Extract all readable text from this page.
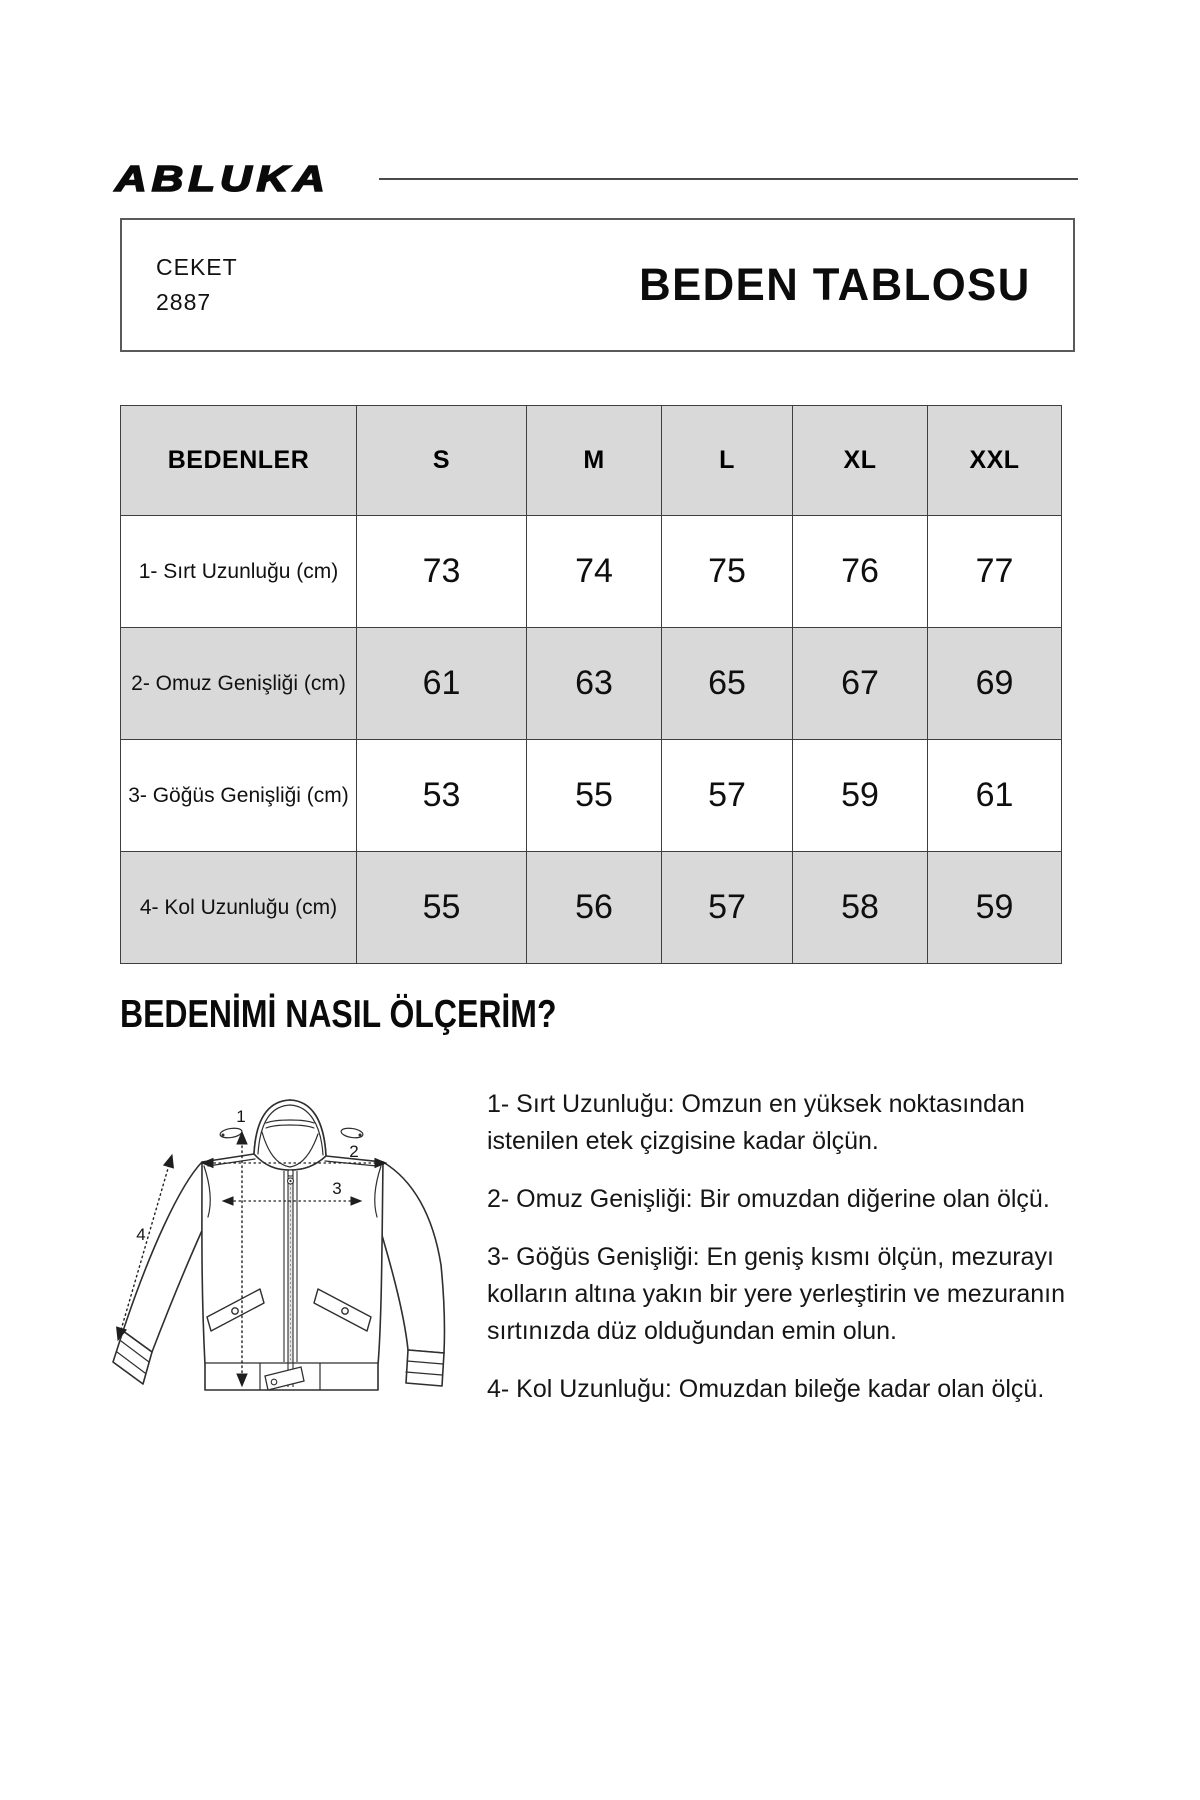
ABLUKA
CEKET
2887	BEDEN TABLOSU
BEDENLER	S	M	L	XL	XXL
1- Sırt Uzunluğu (cm)	73	74	75	76	77
2- Omuz Genişliği (cm)	61	63	65	67	69
3- Göğüs Genişliği (cm)	53	55	57	59	61
4- Kol Uzunluğu (cm)	55	56	57	58	59
BEDENİMİ NASIL ÖLÇERİM?
1
2
3
4
1- Sırt Uzunluğu: Omzun en yüksek noktasından
istenilen etek çizgisine kadar ölçün.
2- Omuz Genişliği: Bir omuzdan diğerine olan ölçü.
3- Göğüs Genişliği: En geniş kısmı ölçün, mezurayı
kolların altına yakın bir yere yerleştirin ve mezuranın
sırtınızda düz olduğundan emin olun.
4- Kol Uzunluğu: Omuzdan bileğe kadar olan ölçü.
